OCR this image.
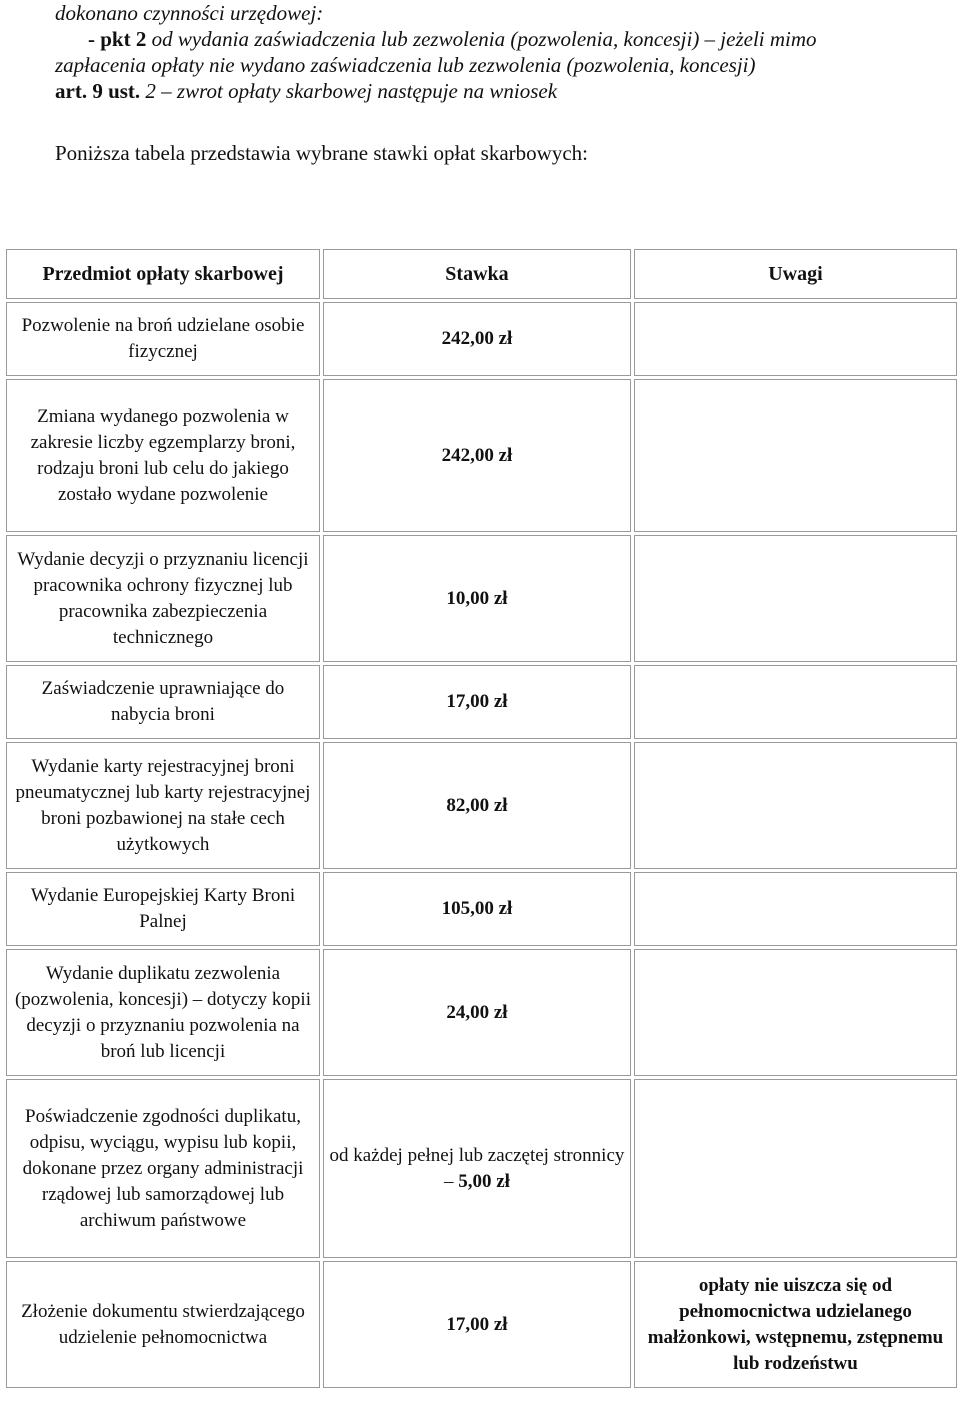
dokonano czynności urzędowej:
- pkt 2 od wydania zaświadczenia lub zezwolenia (pozwolenia, koncesji) – jeżeli mimo
zapłacenia opłaty nie wydano zaświadczenia lub zezwolenia (pozwolenia, koncesji)
art. 9 ust. 2 – zwrot opłaty skarbowej następuje na wniosek
Poniższa tabela przedstawia wybrane stawki opłat skarbowych:
Przedmiot opłaty skarbowej	Stawka	Uwagi
Pozwolenie na broń udzielane osobie fizycznej	242,00 zł	
Zmiana wydanego pozwolenia w zakresie liczby egzemplarzy broni, rodzaju broni lub celu do jakiego zostało wydane pozwolenie	242,00 zł	
Wydanie decyzji o przyznaniu licencji pracownika ochrony fizycznej lub pracownika zabezpieczenia technicznego	10,00 zł	
Zaświadczenie uprawniające do nabycia broni	17,00 zł	
Wydanie karty rejestracyjnej broni pneumatycznej lub karty rejestracyjnej broni pozbawionej na stałe cech użytkowych	82,00 zł	
Wydanie Europejskiej Karty Broni Palnej	105,00 zł	
Wydanie duplikatu zezwolenia (pozwolenia, koncesji) – dotyczy kopii decyzji o przyznaniu pozwolenia na broń lub licencji	24,00 zł	
Poświadczenie zgodności duplikatu, odpisu, wyciągu, wypisu lub kopii, dokonane przez organy administracji rządowej lub samorządowej lub archiwum państwowe	od każdej pełnej lub zaczętej stronnicy – 5,00 zł	
Złożenie dokumentu stwierdzającego udzielenie pełnomocnictwa	17,00 zł	opłaty nie uiszcza się od pełnomocnictwa udzielanego małżonkowi, wstępnemu, zstępnemu lub rodzeństwu
